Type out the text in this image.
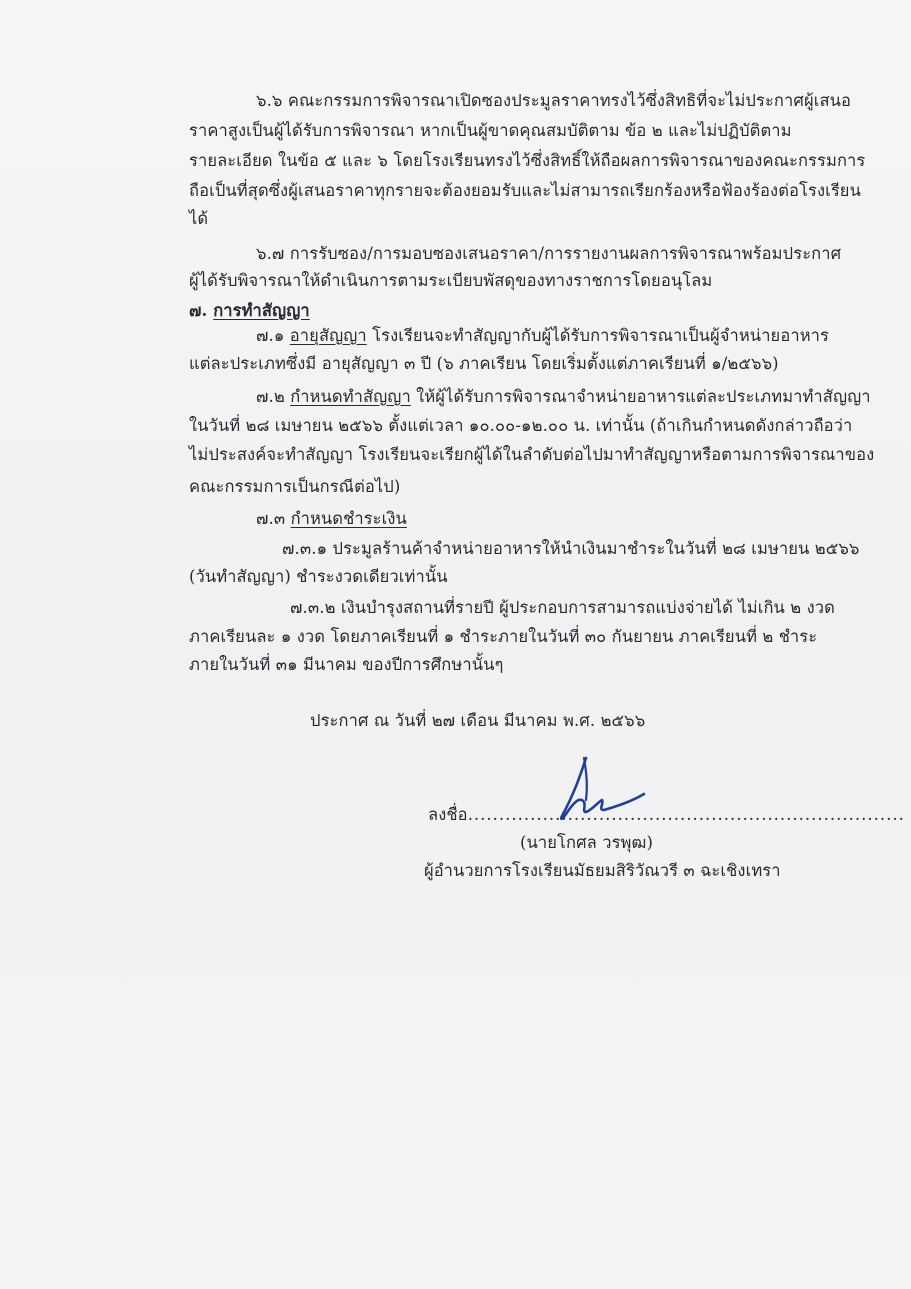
๖.๖ คณะกรรมการพิจารณาเปิดซองประมูลราคาทรงไว้ซึ่งสิทธิที่จะไม่ประกาศผู้เสนอ
ราคาสูงเป็นผู้ได้รับการพิจารณา หากเป็นผู้ขาดคุณสมบัติตาม ข้อ ๒ และไม่ปฏิบัติตาม
รายละเอียด ในข้อ ๕ และ ๖ โดยโรงเรียนทรงไว้ซึ่งสิทธิ์ให้ถือผลการพิจารณาของคณะกรรมการ
ถือเป็นที่สุดซึ่งผู้เสนอราคาทุกรายจะต้องยอมรับและไม่สามารถเรียกร้องหรือฟ้องร้องต่อโรงเรียน
ได้
๖.๗ การรับซอง/การมอบซองเสนอราคา/การรายงานผลการพิจารณาพร้อมประกาศ
ผู้ได้รับพิจารณาให้ดำเนินการตามระเบียบพัสดุของทางราชการโดยอนุโลม
๗. การทำสัญญา
๗.๑ อายุสัญญา โรงเรียนจะทำสัญญากับผู้ได้รับการพิจารณาเป็นผู้จำหน่ายอาหาร
แต่ละประเภทซึ่งมี อายุสัญญา ๓ ปี (๖ ภาคเรียน โดยเริ่มตั้งแต่ภาคเรียนที่ ๑/๒๕๖๖)
๗.๒ กำหนดทำสัญญา ให้ผู้ได้รับการพิจารณาจำหน่ายอาหารแต่ละประเภทมาทำสัญญา
ในวันที่ ๒๘ เมษายน ๒๕๖๖ ตั้งแต่เวลา ๑๐.๐๐-๑๒.๐๐ น. เท่านั้น (ถ้าเกินกำหนดดังกล่าวถือว่า
ไม่ประสงค์จะทำสัญญา โรงเรียนจะเรียกผู้ได้ในลำดับต่อไปมาทำสัญญาหรือตามการพิจารณาของ
คณะกรรมการเป็นกรณีต่อไป)
๗.๓ กำหนดชำระเงิน
๗.๓.๑ ประมูลร้านค้าจำหน่ายอาหารให้นำเงินมาชำระในวันที่ ๒๘ เมษายน ๒๕๖๖
(วันทำสัญญา) ชำระงวดเดียวเท่านั้น
๗.๓.๒ เงินบำรุงสถานที่รายปี ผู้ประกอบการสามารถแบ่งจ่ายได้ ไม่เกิน ๒ งวด
ภาคเรียนละ ๑ งวด โดยภาคเรียนที่ ๑ ชำระภายในวันที่ ๓๐ กันยายน ภาคเรียนที่ ๒ ชำระ
ภายในวันที่ ๓๑ มีนาคม ของปีการศึกษานั้นๆ
ประกาศ ณ วันที่ ๒๗ เดือน มีนาคม พ.ศ. ๒๕๖๖
ลงชื่อ......................................................................
(นายโกศล วรพุฒ)
ผู้อำนวยการโรงเรียนมัธยมสิริวัณวรี ๓ ฉะเชิงเทรา
